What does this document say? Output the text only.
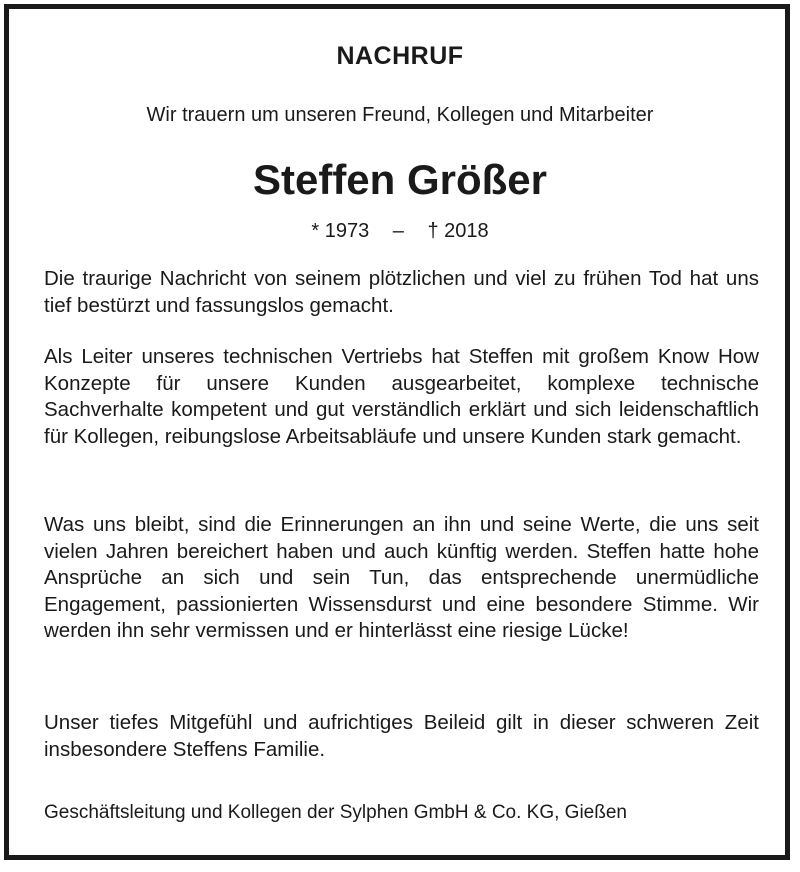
NACHRUF
Wir trauern um unseren Freund, Kollegen und Mitarbeiter
Steffen Größer
* 1973 – † 2018
Die traurige Nachricht von seinem plötzlichen und viel zu frühen Tod hat uns tief bestürzt und fassungslos gemacht.
Als Leiter unseres technischen Vertriebs hat Steffen mit großem Know How Konzepte für unsere Kunden ausgearbeitet, komplexe technische Sachverhalte kompetent und gut verständlich erklärt und sich leidenschaftlich für Kollegen, reibungslose Arbeitsabläufe und unsere Kunden stark gemacht.
Was uns bleibt, sind die Erinnerungen an ihn und seine Werte, die uns seit vielen Jahren bereichert haben und auch künftig werden. Steffen hatte hohe Ansprüche an sich und sein Tun, das entsprechende unermüdliche Engagement, passionierten Wissensdurst und eine besondere Stimme. Wir werden ihn sehr vermissen und er hinterlässt eine riesige Lücke!
Unser tiefes Mitgefühl und aufrichtiges Beileid gilt in dieser schweren Zeit insbesondere Steffens Familie.
Geschäftsleitung und Kollegen der Sylphen GmbH & Co. KG, Gießen
